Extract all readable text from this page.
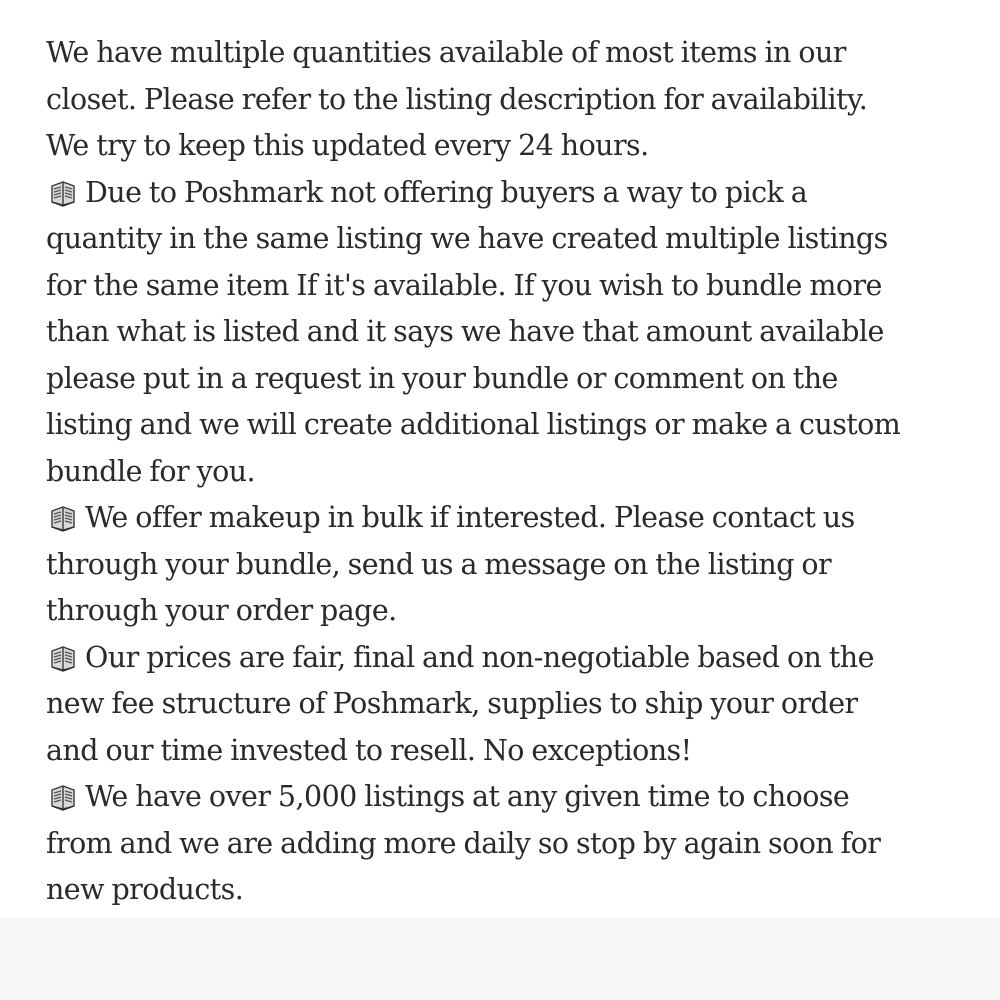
We have multiple quantities available of most items in our
closet. Please refer to the listing description for availability.
We try to keep this updated every 24 hours.

Due to Poshmark not offering buyers a way to pick a
quantity in the same listing we have created multiple listings
for the same item If it's available. If you wish to bundle more
than what is listed and it says we have that amount available
please put in a request in your bundle or comment on the
listing and we will create additional listings or make a custom
bundle for you.

We offer makeup in bulk if interested. Please contact us
through your bundle, send us a message on the listing or
through your order page.

Our prices are fair, final and non-negotiable based on the
new fee structure of Poshmark, supplies to ship your order
and our time invested to resell. No exceptions!

We have over 5,000 listings at any given time to choose
from and we are adding more daily so stop by again soon for
new products.
